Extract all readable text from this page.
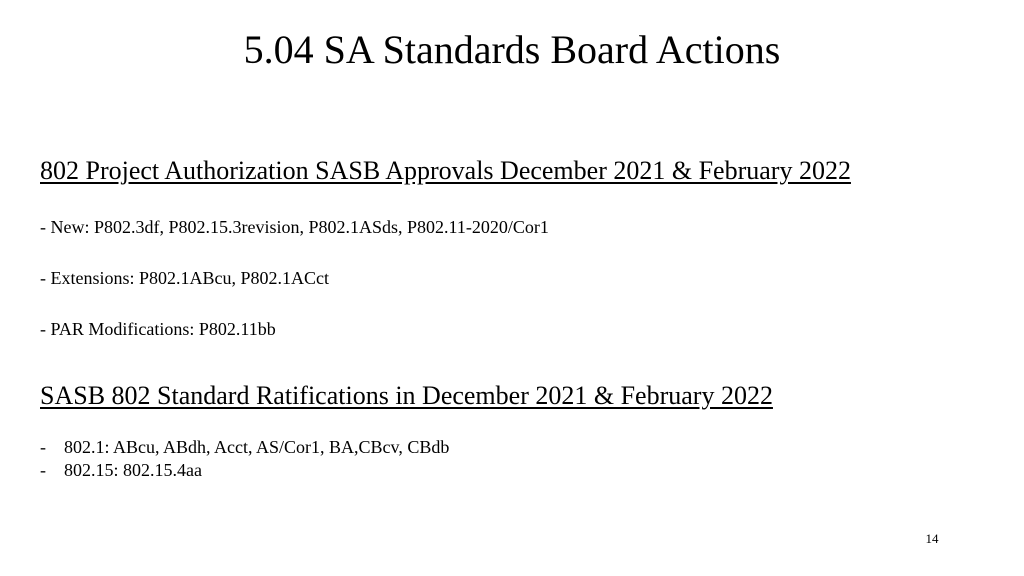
5.04 SA Standards Board Actions
802 Project Authorization SASB Approvals December 2021 & February 2022
- New: P802.3df, P802.15.3revision, P802.1ASds, P802.11-2020/Cor1
- Extensions: P802.1ABcu, P802.1ACct
- PAR Modifications: P802.11bb
SASB 802 Standard Ratifications in December 2021 & February 2022
-	802.1: ABcu, ABdh, Acct, AS/Cor1, BA,CBcv, CBdb
-	802.15: 802.15.4aa
14
